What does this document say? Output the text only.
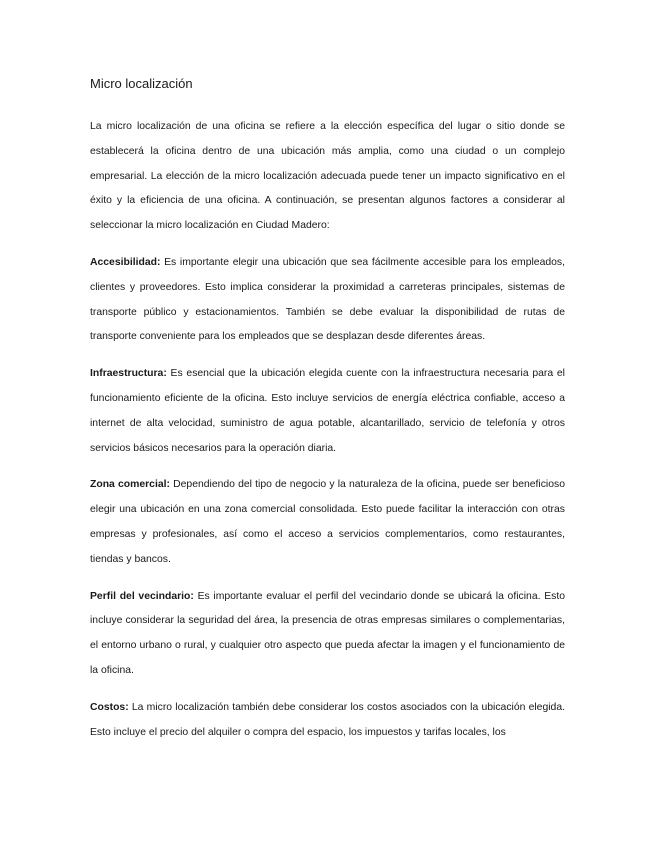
Micro localización

La micro localización de una oficina se refiere a la elección específica del lugar o sitio donde se establecerá la oficina dentro de una ubicación más amplia, como una ciudad o un complejo empresarial. La elección de la micro localización adecuada puede tener un impacto significativo en el éxito y la eficiencia de una oficina. A continuación, se presentan algunos factores a considerar al seleccionar la micro localización en Ciudad Madero:

Accesibilidad: Es importante elegir una ubicación que sea fácilmente accesible para los empleados, clientes y proveedores. Esto implica considerar la proximidad a carreteras principales, sistemas de transporte público y estacionamientos. También se debe evaluar la disponibilidad de rutas de transporte conveniente para los empleados que se desplazan desde diferentes áreas.

Infraestructura: Es esencial que la ubicación elegida cuente con la infraestructura necesaria para el funcionamiento eficiente de la oficina. Esto incluye servicios de energía eléctrica confiable, acceso a internet de alta velocidad, suministro de agua potable, alcantarillado, servicio de telefonía y otros servicios básicos necesarios para la operación diaria.

Zona comercial: Dependiendo del tipo de negocio y la naturaleza de la oficina, puede ser beneficioso elegir una ubicación en una zona comercial consolidada. Esto puede facilitar la interacción con otras empresas y profesionales, así como el acceso a servicios complementarios, como restaurantes, tiendas y bancos.

Perfil del vecindario: Es importante evaluar el perfil del vecindario donde se ubicará la oficina. Esto incluye considerar la seguridad del área, la presencia de otras empresas similares o complementarias, el entorno urbano o rural, y cualquier otro aspecto que pueda afectar la imagen y el funcionamiento de la oficina.

Costos: La micro localización también debe considerar los costos asociados con la ubicación elegida. Esto incluye el precio del alquiler o compra del espacio, los impuestos y tarifas locales, los
